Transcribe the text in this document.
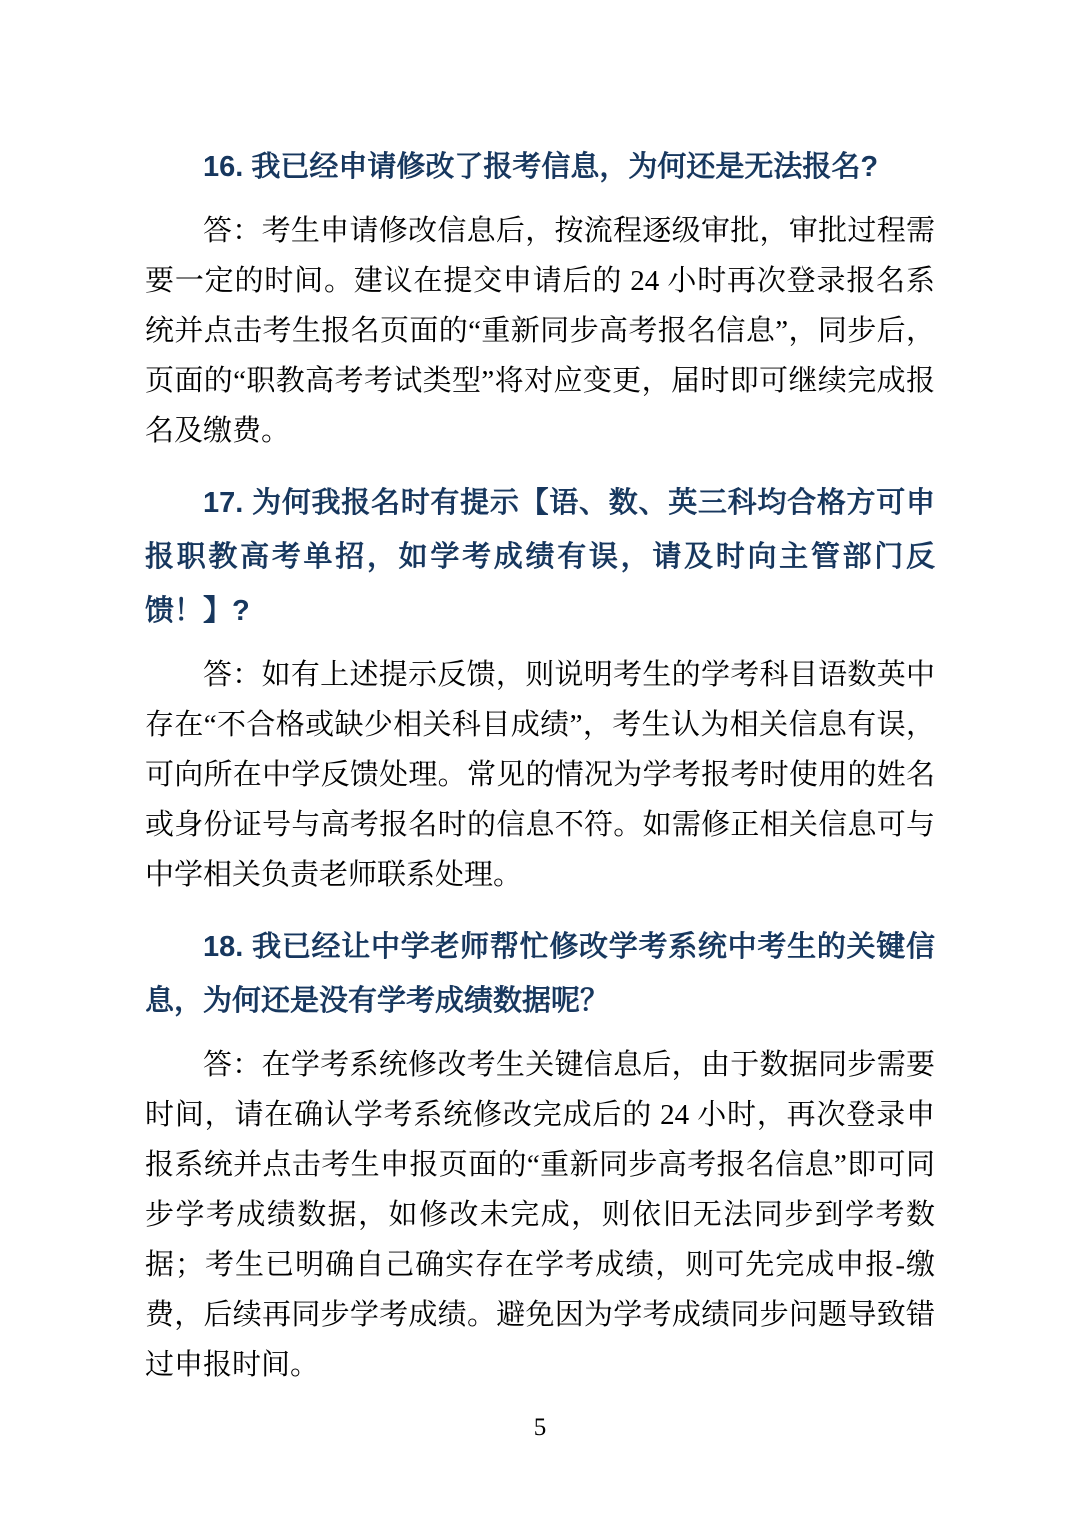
16. 我已经申请修改了报考信息，为何还是无法报名?

答：考生申请修改信息后，按流程逐级审批，审批过程需要一定的时间。建议在提交申请后的 24 小时再次登录报名系统并点击考生报名页面的“重新同步高考报名信息”，同步后，页面的“职教高考考试类型”将对应变更，届时即可继续完成报名及缴费。

17. 为何我报名时有提示【语、数、英三科均合格方可申报职教高考单招，如学考成绩有误，请及时向主管部门反馈！】?

答：如有上述提示反馈，则说明考生的学考科目语数英中存在“不合格或缺少相关科目成绩”，考生认为相关信息有误，可向所在中学反馈处理。常见的情况为学考报考时使用的姓名或身份证号与高考报名时的信息不符。如需修正相关信息可与中学相关负责老师联系处理。

18. 我已经让中学老师帮忙修改学考系统中考生的关键信息，为何还是没有学考成绩数据呢？

答：在学考系统修改考生关键信息后，由于数据同步需要时间，请在确认学考系统修改完成后的 24 小时，再次登录申报系统并点击考生申报页面的“重新同步高考报名信息”即可同步学考成绩数据，如修改未完成，则依旧无法同步到学考数据；考生已明确自己确实存在学考成绩，则可先完成申报-缴费，后续再同步学考成绩。避免因为学考成绩同步问题导致错过申报时间。

5
